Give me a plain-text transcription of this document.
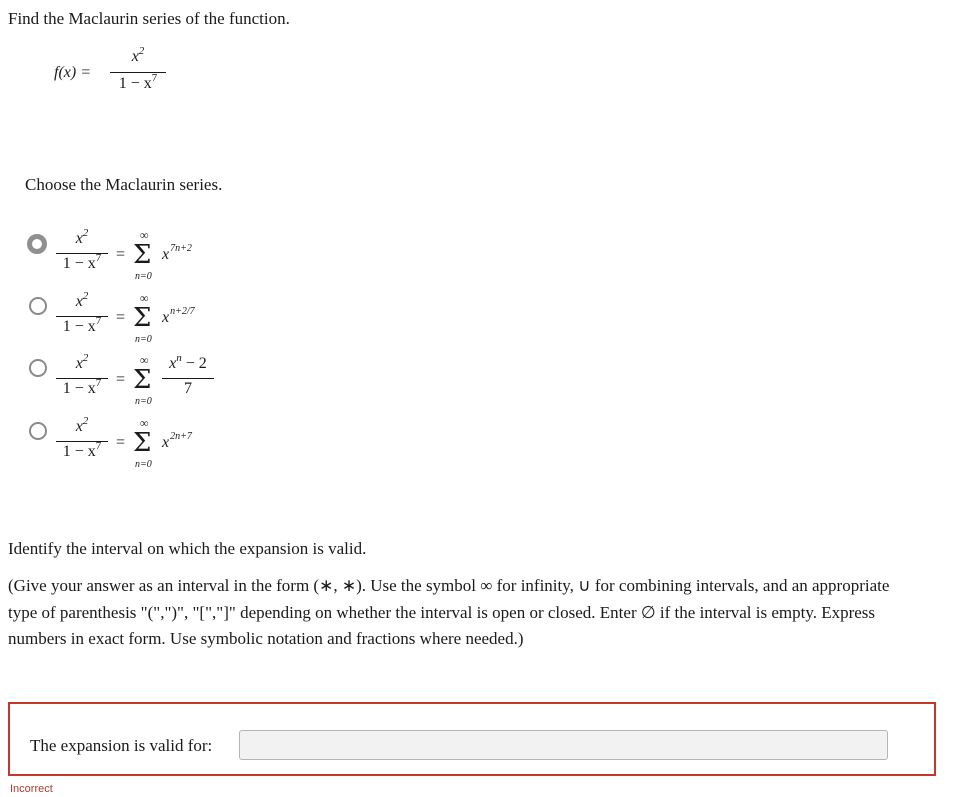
Find the Maclaurin series of the function.
f(x) =
$x^2$
$1 - x^7$
Choose the Maclaurin series.
$x^2$
$1 - x^7$ =
∞
Σ
n=0
$x^{7n+2}$
$x^2$
$1 - x^7$ =
∞
Σ
n=0
$x^{n+2/7}$
$x^2$
$1 - x^7$ =
∞
Σ
n=0
$x^n - 2$
7
$x^2$
$1 - x^7$ =
∞
Σ
n=0
$x^{2n+7}$
Identify the interval on which the expansion is valid.
(Give your answer as an interval in the form (∗, ∗). Use the symbol ∞ for infinity, ∪ for combining intervals, and an appropriate
type of parenthesis "(",")", "[","]" depending on whether the interval is open or closed. Enter ∅ if the interval is empty. Express
numbers in exact form. Use symbolic notation and fractions where needed.)
The expansion is valid for:
Incorrect
